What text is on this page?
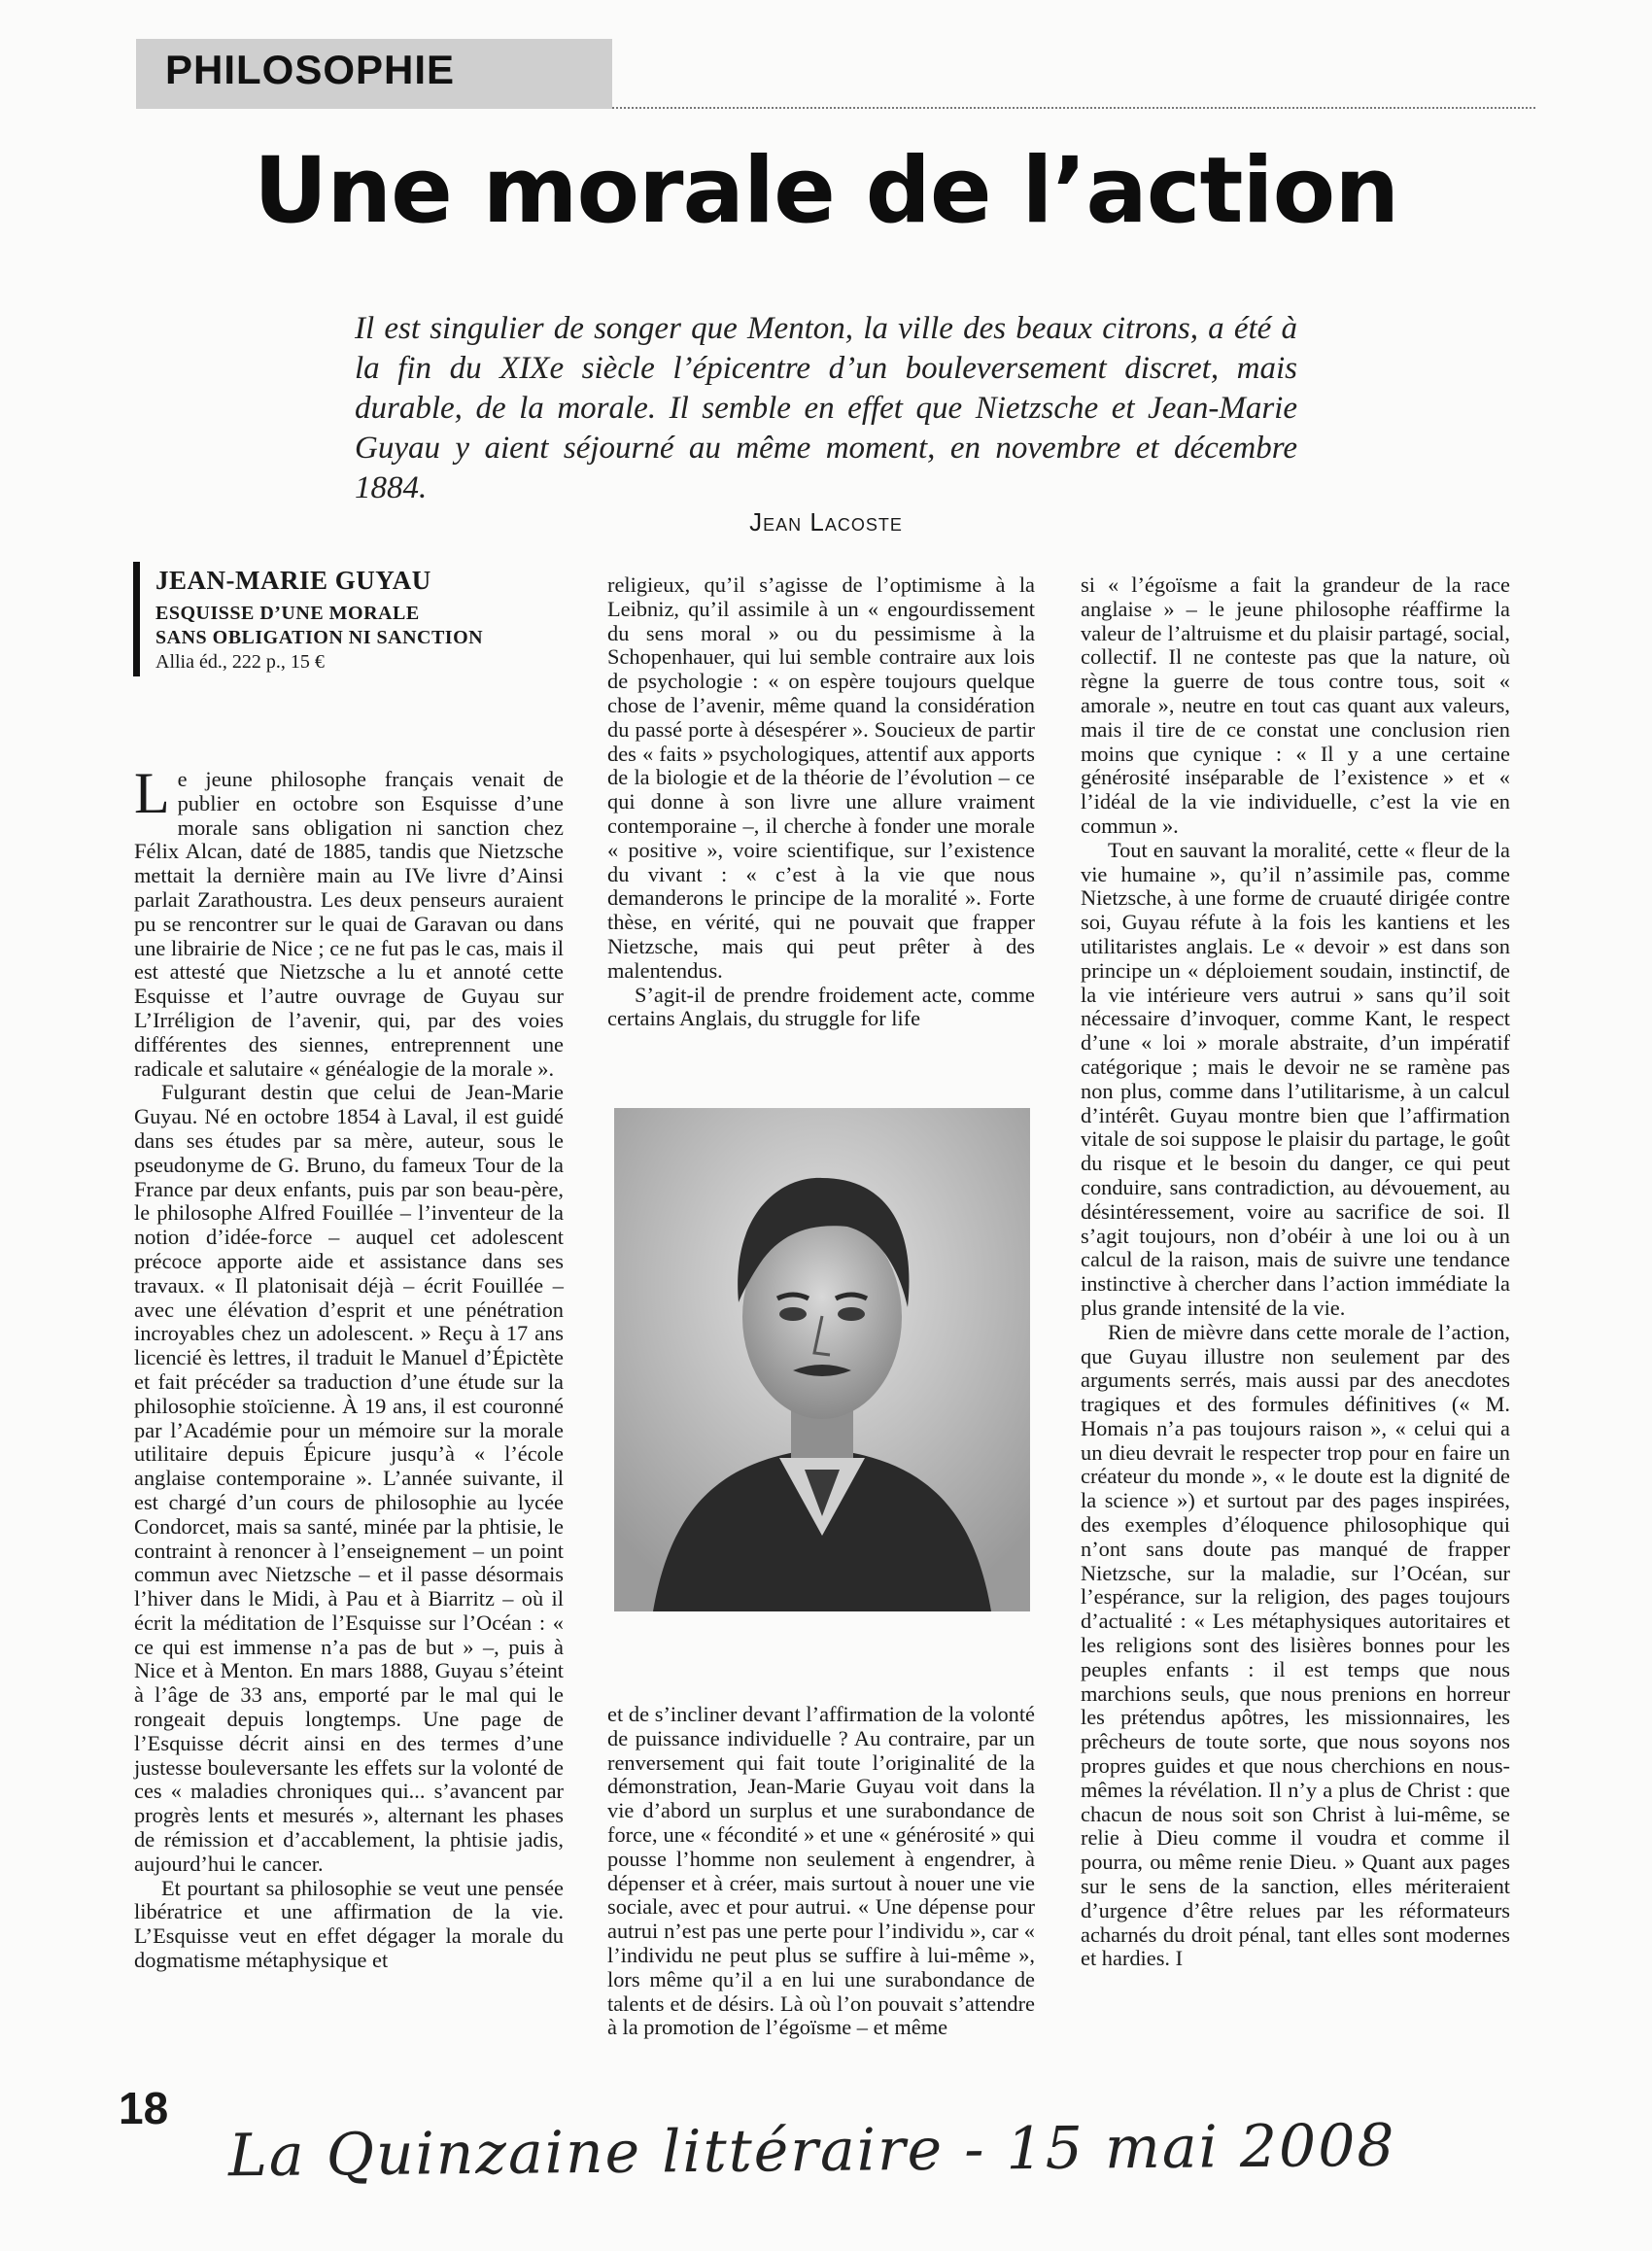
PHILOSOPHIE
Une morale de l’action
Il est singulier de songer que Menton, la ville des beaux citrons, a été à la fin du XIXe siècle l’épicentre d’un bouleversement discret, mais durable, de la morale. Il semble en effet que Nietzsche et Jean-Marie Guyau y aient séjourné au même moment, en novembre et décembre 1884.
Jean Lacoste
JEAN-MARIE GUYAU
ESQUISSE D’UNE MORALE
SANS OBLIGATION NI SANCTION
Allia éd., 222 p., 15 €

Le jeune philosophe français venait de publier en octobre son Esquisse d’une morale sans obligation ni sanction chez Félix Alcan, daté de 1885, tandis que Nietzsche mettait la dernière main au IVe livre d’Ainsi parlait Zarathoustra. Les deux penseurs auraient pu se rencontrer sur le quai de Garavan ou dans une librairie de Nice ; ce ne fut pas le cas, mais il est attesté que Nietzsche a lu et annoté cette Esquisse et l’autre ouvrage de Guyau sur L’Irréligion de l’avenir, qui, par des voies différentes des siennes, entreprennent une radicale et salutaire « généalogie de la morale ».

Fulgurant destin que celui de Jean-Marie Guyau. Né en octobre 1854 à Laval, il est guidé dans ses études par sa mère, auteur, sous le pseudonyme de G. Bruno, du fameux Tour de la France par deux enfants, puis par son beau-père, le philosophe Alfred Fouillée – l’inventeur de la notion d’idée-force – auquel cet adolescent précoce apporte aide et assistance dans ses travaux. « Il platonisait déjà – écrit Fouillée – avec une élévation d’esprit et une pénétration incroyables chez un adolescent. » Reçu à 17 ans licencié ès lettres, il traduit le Manuel d’Épictète et fait précéder sa traduction d’une étude sur la philosophie stoïcienne. À 19 ans, il est couronné par l’Académie pour un mémoire sur la morale utilitaire depuis Épicure jusqu’à « l’école anglaise contemporaine ». L’année suivante, il est chargé d’un cours de philosophie au lycée Condorcet, mais sa santé, minée par la phtisie, le contraint à renoncer à l’enseignement – un point commun avec Nietzsche – et il passe désormais l’hiver dans le Midi, à Pau et à Biarritz – où il écrit la méditation de l’Esquisse sur l’Océan : « ce qui est immense n’a pas de but » –, puis à Nice et à Menton. En mars 1888, Guyau s’éteint à l’âge de 33 ans, emporté par le mal qui le rongeait depuis longtemps. Une page de l’Esquisse décrit ainsi en des termes d’une justesse bouleversante les effets sur la volonté de ces « maladies chroniques qui... s’avancent par progrès lents et mesurés », alternant les phases de rémission et d’accablement, la phtisie jadis, aujourd’hui le cancer.

Et pourtant sa philosophie se veut une pensée libératrice et une affirmation de la vie. L’Esquisse veut en effet dégager la morale du dogmatisme métaphysique et

religieux, qu’il s’agisse de l’optimisme à la Leibniz, qu’il assimile à un « engourdissement du sens moral » ou du pessimisme à la Schopenhauer, qui lui semble contraire aux lois de psychologie : « on espère toujours quelque chose de l’avenir, même quand la considération du passé porte à désespérer ». Soucieux de partir des « faits » psychologiques, attentif aux apports de la biologie et de la théorie de l’évolution – ce qui donne à son livre une allure vraiment contemporaine –, il cherche à fonder une morale « positive », voire scientifique, sur l’existence du vivant : « c’est à la vie que nous demanderons le principe de la moralité ». Forte thèse, en vérité, qui ne pouvait que frapper Nietzsche, mais qui peut prêter à des malentendus.

S’agit-il de prendre froidement acte, comme certains Anglais, du struggle for life

et de s’incliner devant l’affirmation de la volonté de puissance individuelle ? Au contraire, par un renversement qui fait toute l’originalité de la démonstration, Jean-Marie Guyau voit dans la vie d’abord un surplus et une surabondance de force, une « fécondité » et une « générosité » qui pousse l’homme non seulement à engendrer, à dépenser et à créer, mais surtout à nouer une vie sociale, avec et pour autrui. « Une dépense pour autrui n’est pas une perte pour l’individu », car « l’individu ne peut plus se suffire à lui-même », lors même qu’il a en lui une surabondance de talents et de désirs. Là où l’on pouvait s’attendre à la promotion de l’égoïsme – et même

si « l’égoïsme a fait la grandeur de la race anglaise » – le jeune philosophe réaffirme la valeur de l’altruisme et du plaisir partagé, social, collectif. Il ne conteste pas que la nature, où règne la guerre de tous contre tous, soit « amorale », neutre en tout cas quant aux valeurs, mais il tire de ce constat une conclusion rien moins que cynique : « Il y a une certaine générosité inséparable de l’existence » et « l’idéal de la vie individuelle, c’est la vie en commun ».

Tout en sauvant la moralité, cette « fleur de la vie humaine », qu’il n’assimile pas, comme Nietzsche, à une forme de cruauté dirigée contre soi, Guyau réfute à la fois les kantiens et les utilitaristes anglais. Le « devoir » est dans son principe un « déploiement soudain, instinctif, de la vie intérieure vers autrui » sans qu’il soit nécessaire d’invoquer, comme Kant, le respect d’une « loi » morale abstraite, d’un impératif catégorique ; mais le devoir ne se ramène pas non plus, comme dans l’utilitarisme, à un calcul d’intérêt. Guyau montre bien que l’affirmation vitale de soi suppose le plaisir du partage, le goût du risque et le besoin du danger, ce qui peut conduire, sans contradiction, au dévouement, au désintéressement, voire au sacrifice de soi. Il s’agit toujours, non d’obéir à une loi ou à un calcul de la raison, mais de suivre une tendance instinctive à chercher dans l’action immédiate la plus grande intensité de la vie.

Rien de mièvre dans cette morale de l’action, que Guyau illustre non seulement par des arguments serrés, mais aussi par des anecdotes tragiques et des formules définitives (« M. Homais n’a pas toujours raison », « celui qui a un dieu devrait le respecter trop pour en faire un créateur du monde », « le doute est la dignité de la science ») et surtout par des pages inspirées, des exemples d’éloquence philosophique qui n’ont sans doute pas manqué de frapper Nietzsche, sur la maladie, sur l’Océan, sur l’espérance, sur la religion, des pages toujours d’actualité : « Les métaphysiques autoritaires et les religions sont des lisières bonnes pour les peuples enfants : il est temps que nous marchions seuls, que nous prenions en horreur les prétendus apôtres, les missionnaires, les prêcheurs de toute sorte, que nous soyons nos propres guides et que nous cherchions en nous-mêmes la révélation. Il n’y a plus de Christ : que chacun de nous soit son Christ à lui-même, se relie à Dieu comme il voudra et comme il pourra, ou même renie Dieu. » Quant aux pages sur le sens de la sanction, elles mériteraient d’urgence d’être relues par les réformateurs acharnés du droit pénal, tant elles sont modernes et hardies. I

18
La Quinzaine littéraire - 15 mai 2008
